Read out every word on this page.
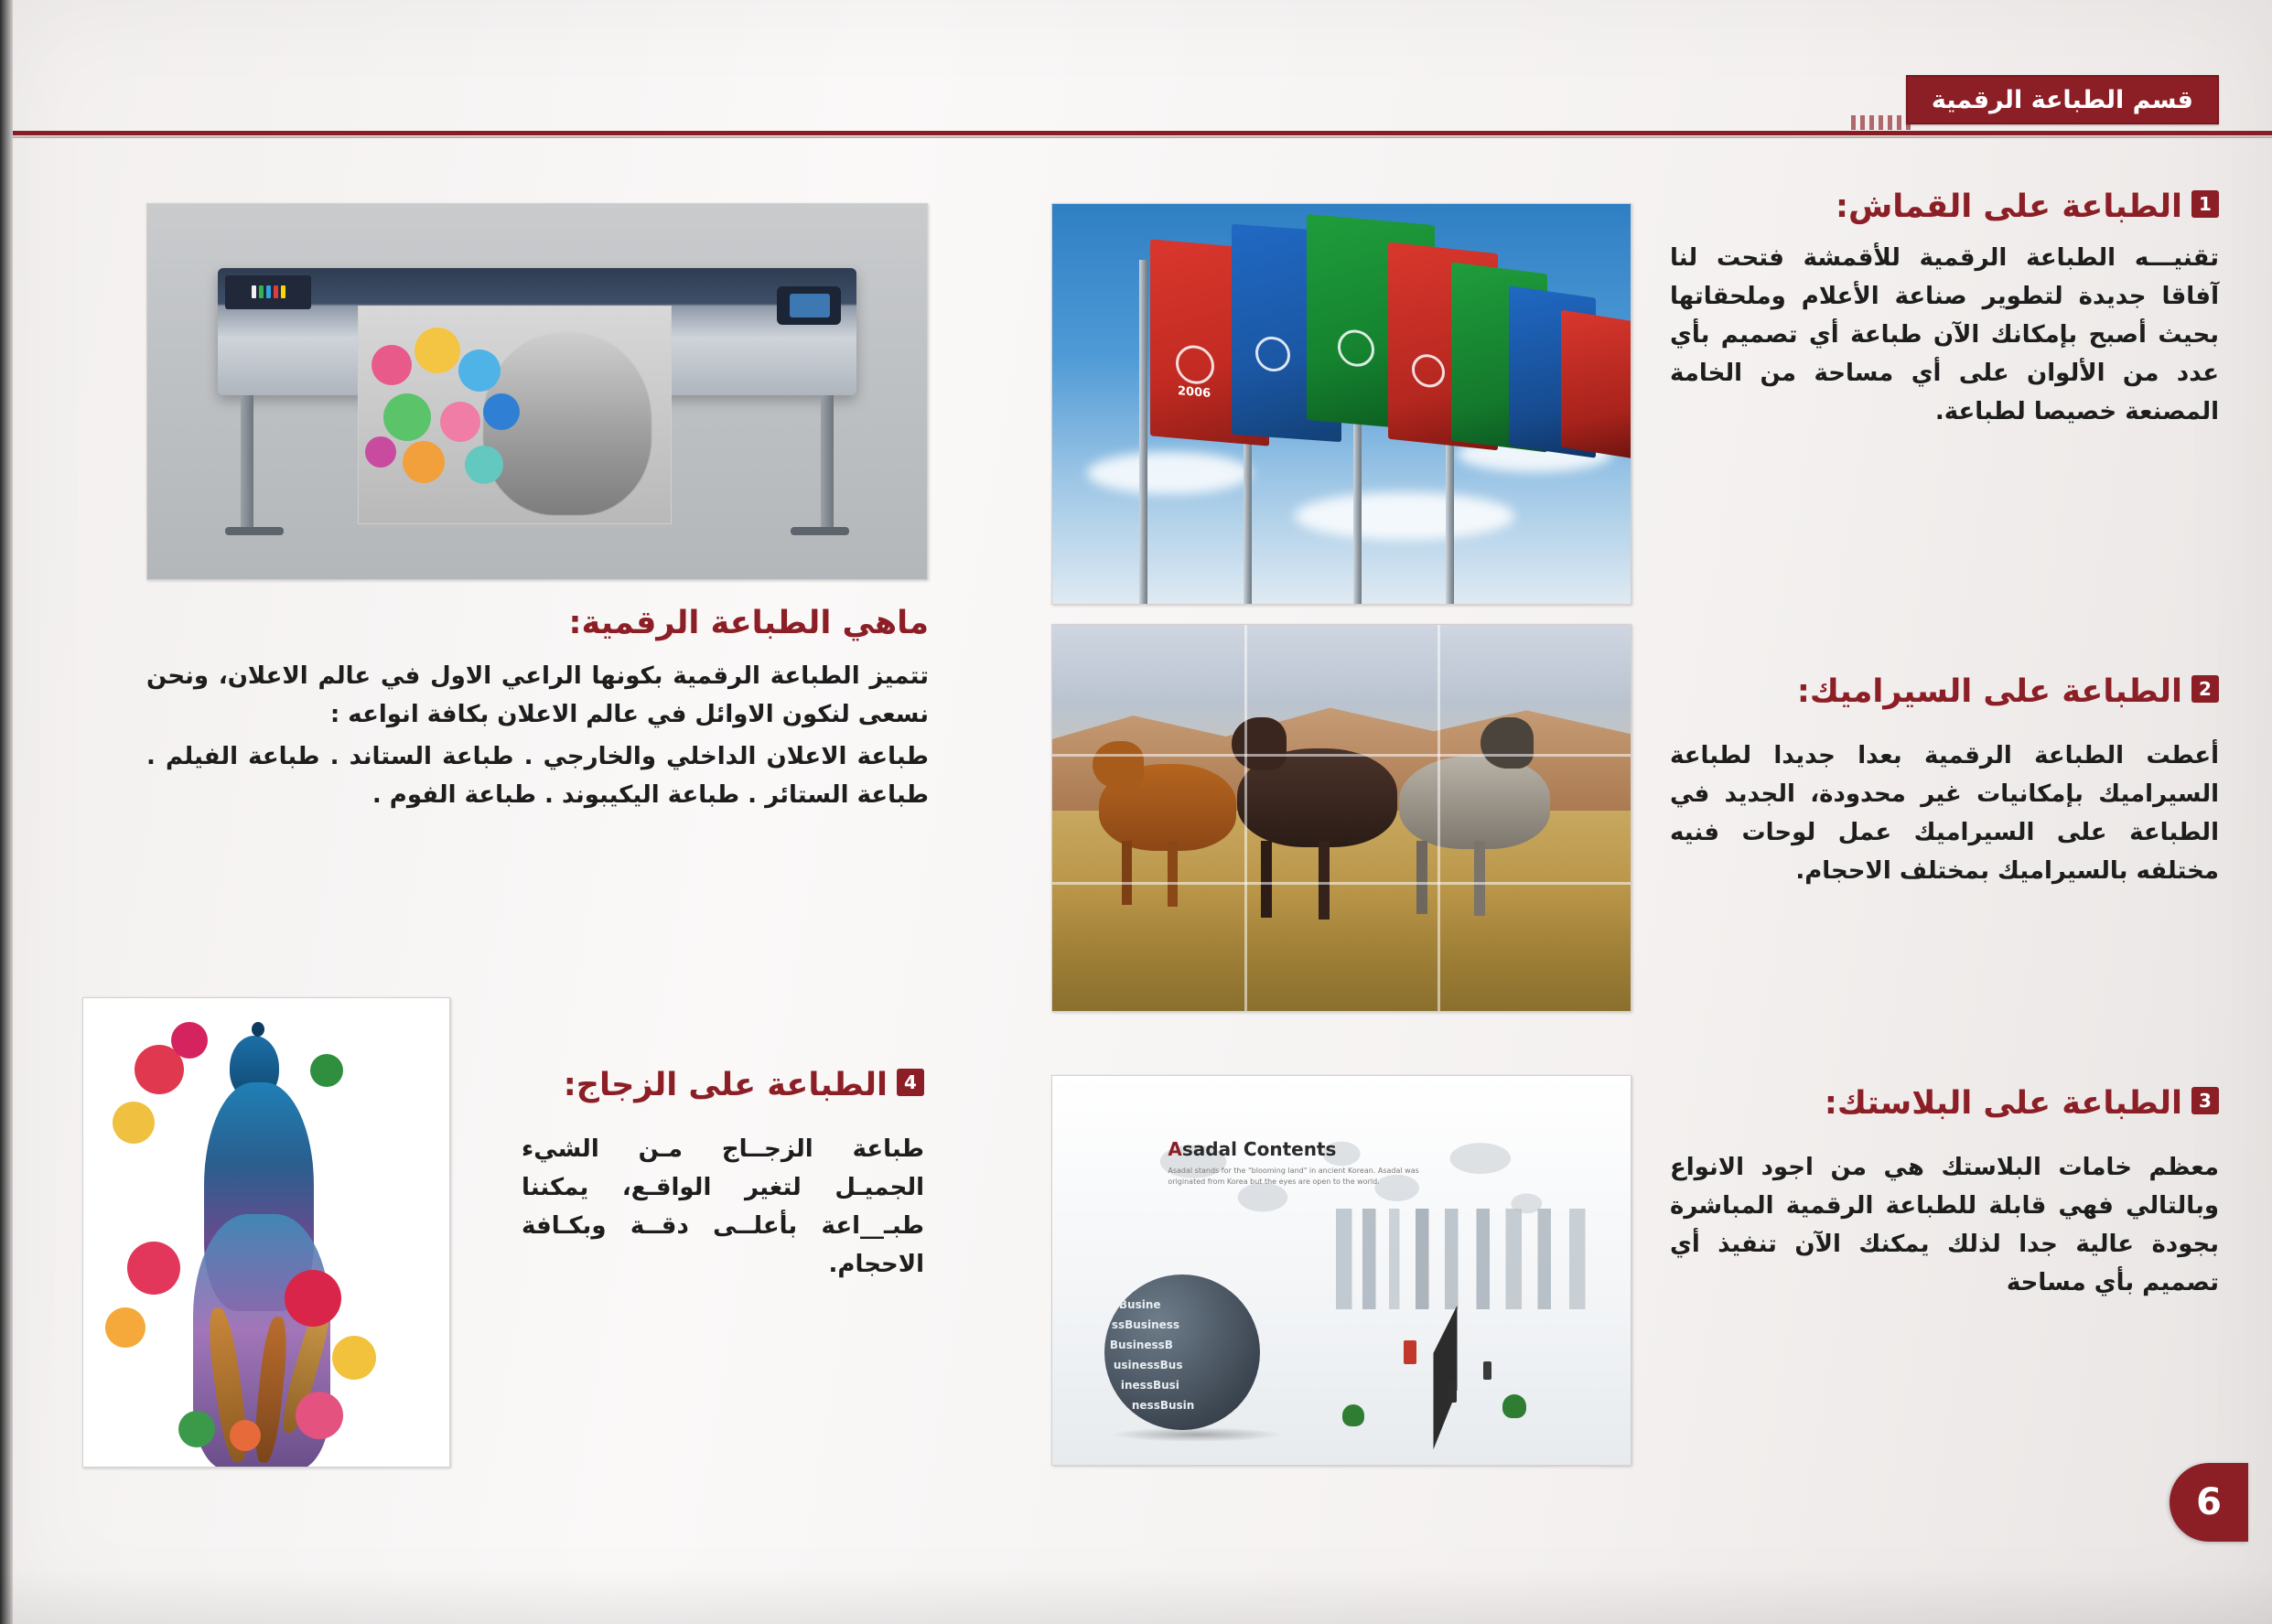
قسم الطباعة الرقمية
2006
Asadal Contents
Asadal stands for the "blooming land" in ancient Korean. Asadal was originated from Korea but the eyes are open to the world.
Busine
ssBusiness
BusinessB
usinessBus
inessBusi
nessBusin
1الطباعة على القماش:

تقنيـــه الطباعة الرقمية للأقمشة فتحت لنا آفاقا جديدة لتطوير صناعة الأعلام وملحقاتها بحيث أصبح بإمكانك الآن طباعة أي تصميم بأي عدد من الألوان على أي مساحة من الخامة المصنعة خصيصا لطباعة.

2الطباعة على السيراميك:

أعطت الطباعة الرقمية بعدا جديدا لطباعة السيراميك بإمكانيات غير محدودة، الجديد في الطباعة على السيراميك عمل لوحات فنيه مختلفه بالسيراميك بمختلف الاحجام.

3الطباعة على البلاستك:

معظم خامات البلاستك هي من اجود الانواع وبالتالي فهي قابلة للطباعة الرقمية المباشرة بجودة عالية جدا لذلك يمكنك الآن تنفيذ أي تصميم بأي مساحة

ماهي الطباعة الرقمية:

تتميز الطباعة الرقمية بكونها الراعي الاول في عالم الاعلان، ونحن نسعى لنكون الاوائل في عالم الاعلان بكافة انواعه :

طباعة الاعلان الداخلي والخارجي . طباعة الستاند . طباعة الفيلم . طباعة الستائر . طباعة اليكيبوند . طباعة الفوم .

4الطباعة على الزجاج:

طباعة الزجــاج مـن الشيء الجميـل لتغير الواقـع، يمكننا طبـ__اعة بأعلــى دقــة وبكـافة الاحجام.

6
